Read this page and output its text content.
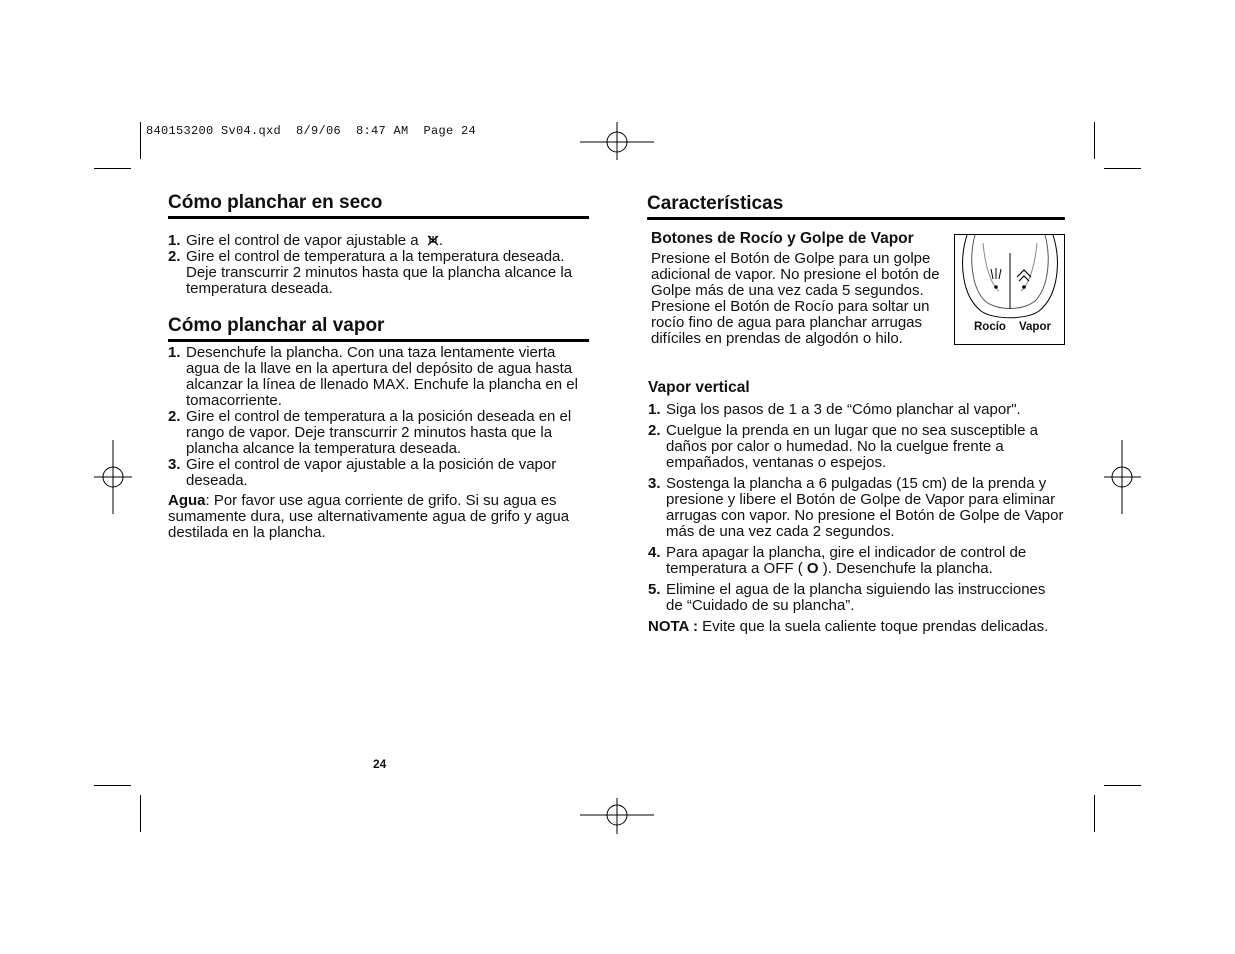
840153200 Sv04.qxd  8/9/06  8:47 AM  Page 24
Cómo planchar en seco
1. Gire el control de vapor ajustable a .
2. Gire el control de temperatura a la temperatura deseada. Deje transcurrir 2 minutos hasta que la plancha alcance la temperatura deseada.
Cómo planchar al vapor
1. Desenchufe la plancha. Con una taza lentamente vierta agua de la llave en la apertura del depósito de agua hasta alcanzar la línea de llenado MAX. Enchufe la plancha en el tomacorriente.
2. Gire el control de temperatura a la posición deseada en el rango de vapor. Deje transcurrir 2 minutos hasta que la plancha alcance la temperatura deseada.
3. Gire el control de vapor ajustable a la posición de vapor deseada.
Agua: Por favor use agua corriente de grifo. Si su agua es sumamente dura, use alternativamente agua de grifo y agua destilada en la plancha.
Características
Botones de Rocío y Golpe de Vapor
Presione el Botón de Golpe para un golpe adicional de vapor. No presione el botón de Golpe más de una vez cada 5 segundos. Presione el Botón de Rocío para soltar un rocío fino de agua para planchar arrugas difíciles en prendas de algodón o hilo.
Rocío Vapor
Vapor vertical
1. Siga los pasos de 1 a 3 de “Cómo planchar al vapor".
2. Cuelgue la prenda en un lugar que no sea susceptible a daños por calor o humedad. No la cuelgue frente a empañados, ventanas o espejos.
3. Sostenga la plancha a 6 pulgadas (15 cm) de la prenda y presione y libere el Botón de Golpe de Vapor para eliminar arrugas con vapor. No presione el Botón de Golpe de Vapor más de una vez cada 2 segundos.
4. Para apagar la plancha, gire el indicador de control de temperatura a OFF ( O ). Desenchufe la plancha.
5. Elimine el agua de la plancha siguiendo las instrucciones de “Cuidado de su plancha”.
NOTA : Evite que la suela caliente toque prendas delicadas.
24
